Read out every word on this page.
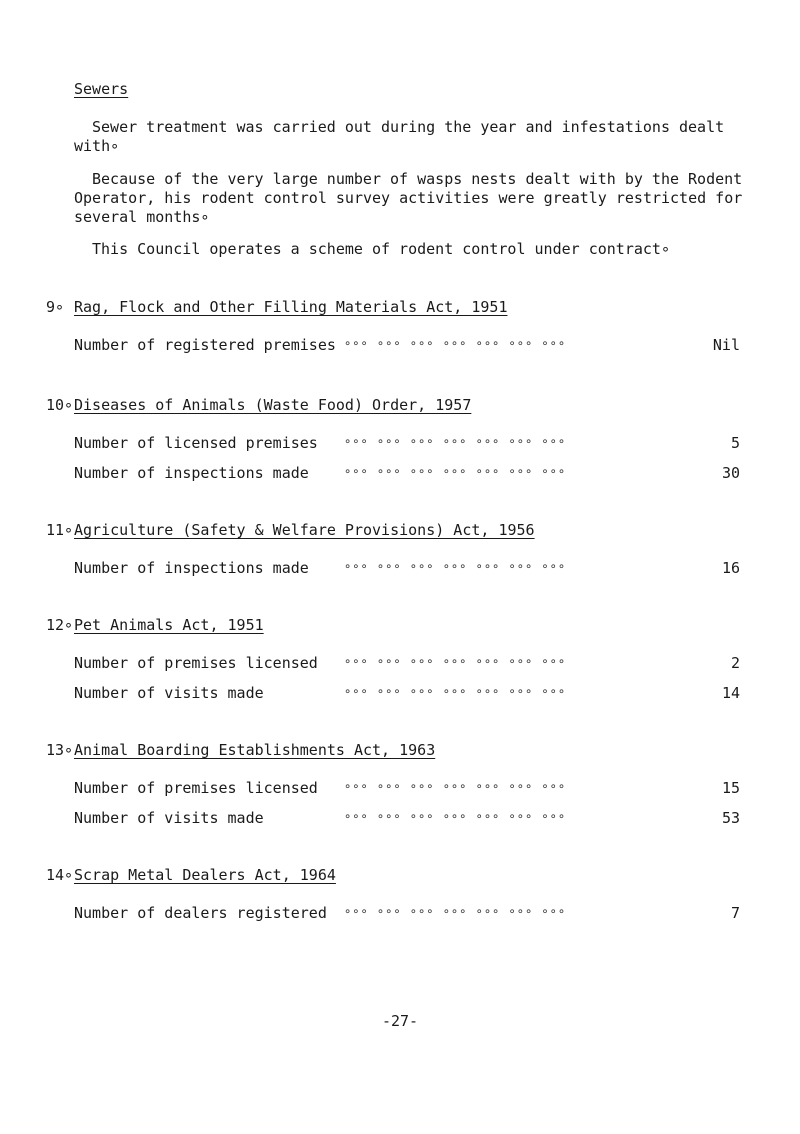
Sewers
Sewer treatment was carried out during the year and infestations dealt with∘
Because of the very large number of wasps nests dealt with by the Rodent Operator, his rodent control survey activities were greatly restricted for several months∘
This Council operates a scheme of rodent control under contract∘
9∘ Rag, Flock and Other Filling Materials Act, 1951
Number of registered premises ∘∘∘ ∘∘∘ ∘∘∘ ∘∘∘ ∘∘∘ ∘∘∘ ∘∘∘	Nil
10∘ Diseases of Animals (Waste Food) Order, 1957
Number of licensed premises ∘∘∘ ∘∘∘ ∘∘∘ ∘∘∘ ∘∘∘ ∘∘∘ ∘∘∘	5
Number of inspections made	∘∘∘ ∘∘∘ ∘∘∘ ∘∘∘ ∘∘∘ ∘∘∘ ∘∘∘	30
11∘ Agriculture (Safety & Welfare Provisions) Act, 1956
Number of inspections made	∘∘∘ ∘∘∘ ∘∘∘ ∘∘∘ ∘∘∘ ∘∘∘ ∘∘∘	16
12∘ Pet Animals Act, 1951
Number of premises licensed ∘∘∘ ∘∘∘ ∘∘∘ ∘∘∘ ∘∘∘ ∘∘∘ ∘∘∘	2
Number of visits made	∘∘∘ ∘∘∘ ∘∘∘ ∘∘∘ ∘∘∘ ∘∘∘ ∘∘∘	14
13∘ Animal Boarding Establishments Act, 1963
Number of premises licensed ∘∘∘ ∘∘∘ ∘∘∘ ∘∘∘ ∘∘∘ ∘∘∘ ∘∘∘	15
Number of visits made	∘∘∘ ∘∘∘ ∘∘∘ ∘∘∘ ∘∘∘ ∘∘∘ ∘∘∘	53
14∘ Scrap Metal Dealers Act, 1964
Number of dealers registered ∘∘∘ ∘∘∘ ∘∘∘ ∘∘∘ ∘∘∘ ∘∘∘ ∘∘∘	7
-27-
